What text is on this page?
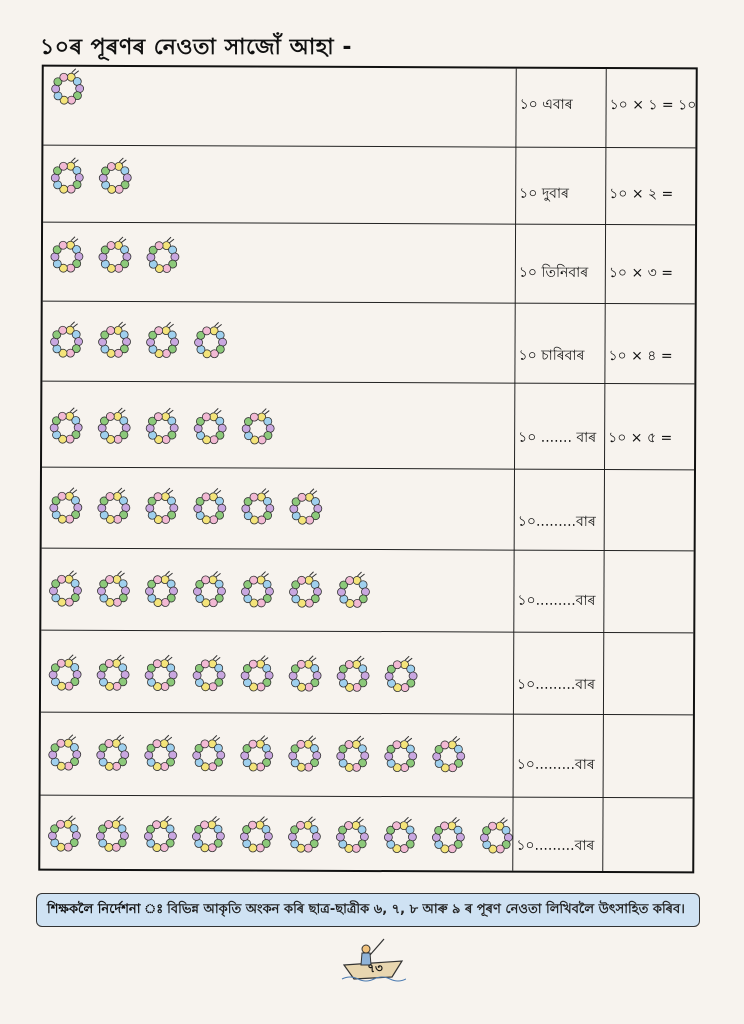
১০ৰ পূৰণৰ নেওতা সাজোঁ আহা -
১০ এবাৰ	১০ × ১ = ১০
১০ দুবাৰ	১০ × ২ =
১০ তিনিবাৰ	১০ × ৩ =
১০ চাৰিবাৰ	১০ × ৪ =
১০ ....... বাৰ ১০ × ৫ =
১০.........বাৰ
১০.........বাৰ
১০.........বাৰ
১০.........বাৰ
১০.........বাৰ
শিক্ষকলৈ নিৰ্দেশনা ঃ বিভিন্ন আকৃতি অংকন কৰি ছাত্ৰ-ছাত্ৰীক ৬, ৭, ৮ আৰু ৯ ৰ পূৰণ নেওতা লিখিবলৈ উৎসাহিত কৰিব।
৭৩
